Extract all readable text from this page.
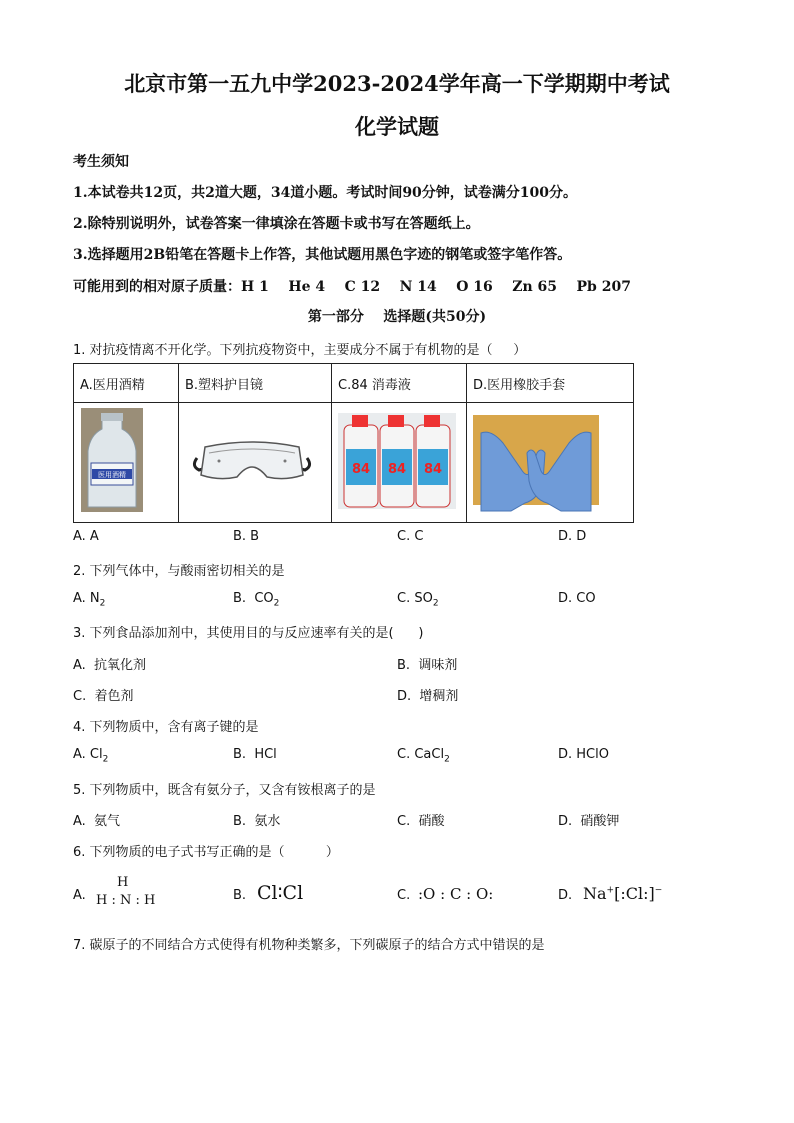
北京市第一五九中学2023-2024学年高一下学期期中考试
化学试题
考生须知
1.本试卷共12页，共2道大题，34道小题。考试时间90分钟，试卷满分100分。
2.除特别说明外，试卷答案一律填涂在答题卡或书写在答题纸上。
3.选择题用2B铅笔在答题卡上作答，其他试题用黑色字迹的钢笔或签字笔作答。
可能用到的相对原子质量：H 1    He 4    C 12    N 14    O 16    Zn 65    Pb 207
第一部分    选择题(共50分)
1. 对抗疫情离不开化学。下列抗疫物资中，主要成分不属于有机物的是（     ）
A.医用酒精	B.塑料护目镜	C.84 消毒液	D.医用橡胶手套

医用酒精		84 84 84

A. A	B. B	C. C	D. D
2. 下列气体中，与酸雨密切相关的是
A. $N_2$	B.  $CO_2$	C. $SO_2$	D. CO
3. 下列食品添加剂中，其使用目的与反应速率有关的是(      )
A.  抗氧化剂	B.  调味剂
C.  着色剂	D.  增稠剂
4. 下列物质中，含有离子键的是
A. $Cl_2$	B.  HCl	C. CaCl$_2$	D. HClO
5. 下列物质中，既含有氨分子，又含有铵根离子的是
A.  氨气	B.  氨水	C.  硝酸	D.  硝酸钾
6. 下列物质的电子式书写正确的是（          ）
A.
H
H : N : H	B. Cl∶Cl	C. :O : C : O:	D. Na+[:Cl:]−
7. 碳原子的不同结合方式使得有机物种类繁多，下列碳原子的结合方式中错误的是
